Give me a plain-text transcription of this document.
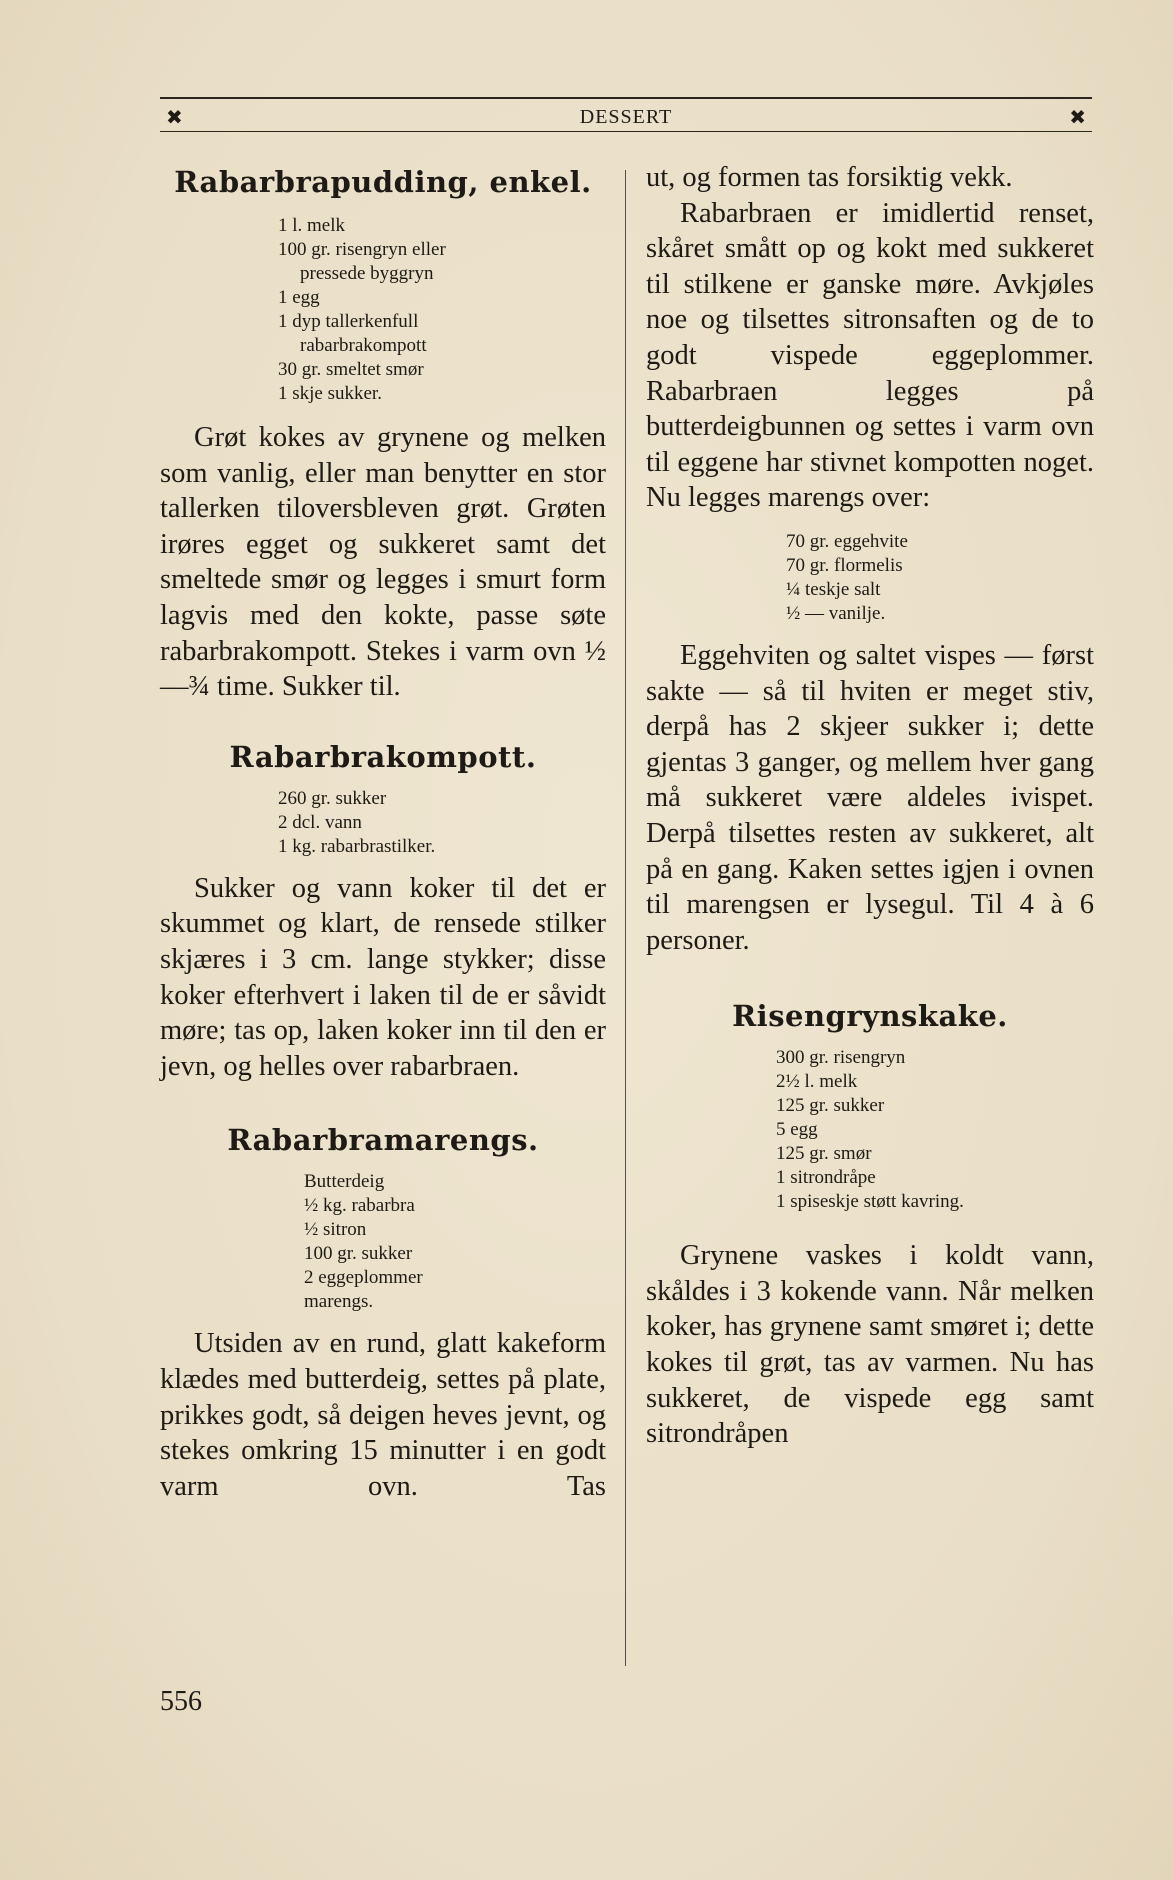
✖	DESSERT	✖
Rabarbrapudding, enkel.
1 l. melk
100 gr. risengryn eller
pressede byggryn
1 egg
1 dyp tallerkenfull
rabarbrakompott
30 gr. smeltet smør
1 skje sukker.

Grøt kokes av grynene og melken som vanlig, eller man benytter en stor tallerken tiloversbleven grøt. Grøten irøres egget og sukkeret samt det smeltede smør og legges i smurt form lagvis med den kokte, passe søte rabarbrakompott. Stekes i varm ovn ½—¾ time. Sukker til.

Rabarbrakompott.
260 gr. sukker
2 dcl. vann
1 kg. rabarbrastilker.

Sukker og vann koker til det er skummet og klart, de rensede stilker skjæres i 3 cm. lange stykker; disse koker efterhvert i laken til de er såvidt møre; tas op, laken koker inn til den er jevn, og helles over rabarbraen.

Rabarbramarengs.
Butterdeig
½ kg. rabarbra
½ sitron
100 gr. sukker
2 eggeplommer
marengs.

Utsiden av en rund, glatt kakeform klædes med butterdeig, settes på plate, prikkes godt, så deigen heves jevnt, og stekes omkring 15 minutter i en godt varm ovn. Tas

ut, og formen tas forsiktig vekk.

Rabarbraen er imidlertid renset, skåret smått op og kokt med sukkeret til stilkene er ganske møre. Avkjøles noe og tilsettes sitronsaften og de to godt vispede eggeplommer. Rabarbraen legges på butterdeigbunnen og settes i varm ovn til eggene har stivnet kompotten noget. Nu legges marengs over:

70 gr. eggehvite
70 gr. flormelis
¼ teskje salt
½ — vanilje.

Eggehviten og saltet vispes — først sakte — så til hviten er meget stiv, derpå has 2 skjeer sukker i; dette gjentas 3 ganger, og mellem hver gang må sukkeret være aldeles ivispet. Derpå tilsettes resten av sukkeret, alt på en gang. Kaken settes igjen i ovnen til marengsen er lysegul. Til 4 à 6 personer.

Risengrynskake.
300 gr. risengryn
2½ l. melk
125 gr. sukker
5 egg
125 gr. smør
1 sitrondråpe
1 spiseskje støtt kavring.

Grynene vaskes i koldt vann, skåldes i 3 kokende vann. Når melken koker, has grynene samt smøret i; dette kokes til grøt, tas av varmen. Nu has sukkeret, de vispede egg samt sitrondråpen

556
